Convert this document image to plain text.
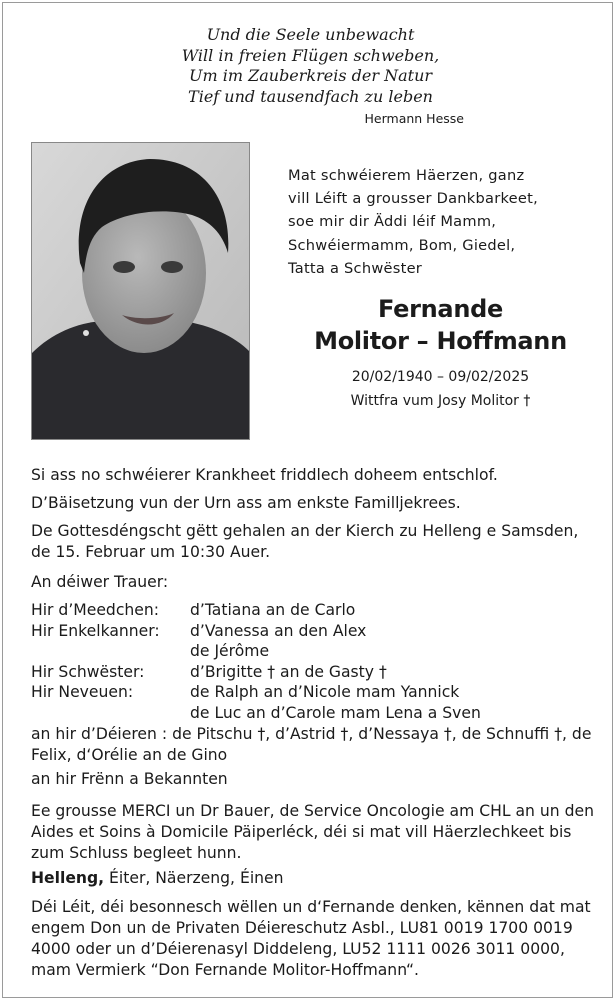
Und die Seele unbewacht
Will in freien Flügen schweben,
Um im Zauberkreis der Natur
Tief und tausendfach zu leben
Hermann Hesse
Mat schwéierem Häerzen, ganz
vill Léift a grousser Dankbarkeet,
soe mir dir Äddi léif Mamm,
Schwéiermamm, Bom, Giedel,
Tatta a Schwëster
Fernande
Molitor – Hoffmann
20/02/1940 – 09/02/2025
Wittfra vum Josy Molitor †
Si ass no schwéierer Krankheet friddlech doheem entschlof.
D’Bäisetzung vun der Urn ass am enkste Familljekrees.
De Gottesdéngscht gëtt gehalen an der Kierch zu Helleng e Samsden, de 15. Februar um 10:30 Auer.
An déiwer Trauer:
Hir d’Meedchen:	d’Tatiana an de Carlo
Hir Enkelkanner:	d’Vanessa an den Alex
de Jérôme
Hir Schwëster:	d’Brigitte † an de Gasty †
Hir Neveuen:	de Ralph an d’Nicole mam Yannick
de Luc an d’Carole mam Lena a Sven
an hir d’Déieren : de Pitschu †, d’Astrid †, d’Nessaya †, de Schnuffi †, de Felix, d‘Orélie an de Gino
an hir Frënn a Bekannten
Ee grousse MERCI un Dr Bauer, de Service Oncologie am CHL an un den Aides et Soins à Domicile Päiperléck, déi si mat vill Häerzlechkeet bis zum Schluss begleet hunn.
Helleng, Éiter, Näerzeng, Éinen
Déi Léit, déi besonnesch wëllen un d‘Fernande denken, kënnen dat mat engem Don un de Privaten Déiereschutz Asbl., LU81 0019 1700 0019 4000 oder un d’Déierenasyl Diddeleng, LU52 1111 0026 3011 0000, mam Vermierk “Don Fernande Molitor-Hoffmann“.
